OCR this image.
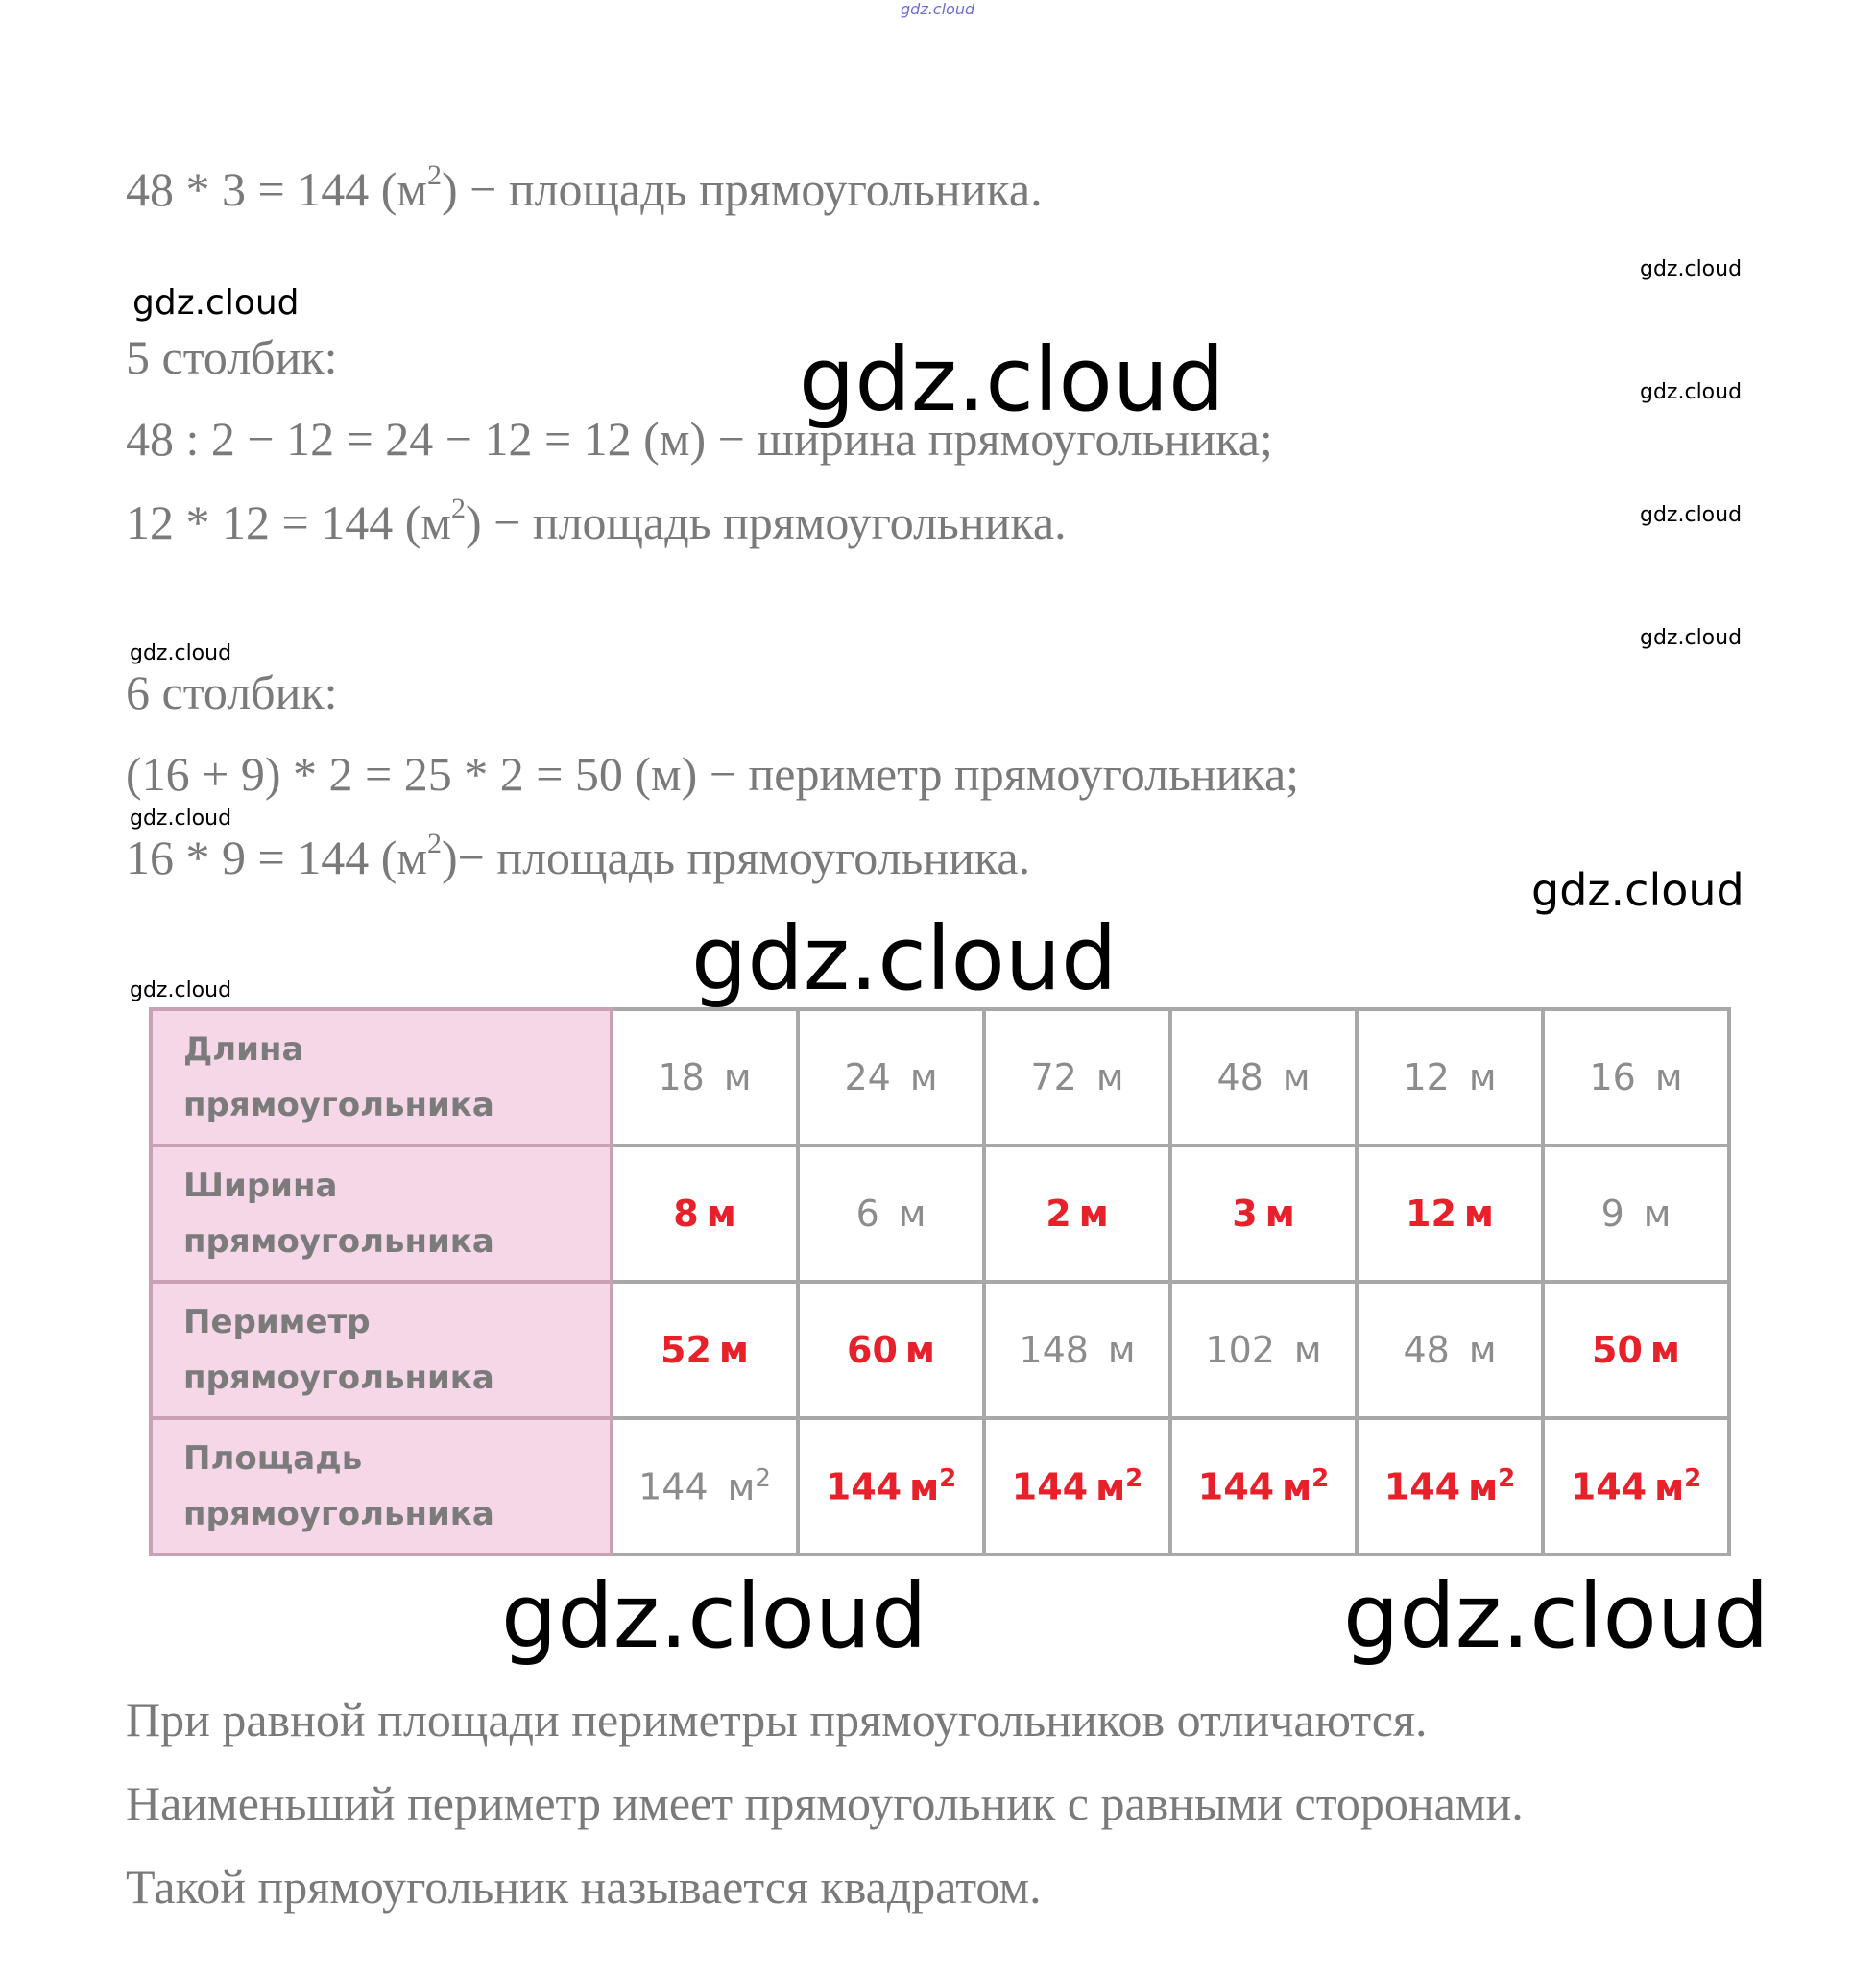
gdz.cloud
gdz.cloud
gdz.cloud
gdz.cloud
gdz.cloud
gdz.cloud
gdz.cloud
gdz.cloud
gdz.cloud
gdz.cloud
gdz.cloud
gdz.cloud
gdz.cloud	gdz.cloud
48 * 3 = 144 $(м^2)$ − площадь прямоугольника.
5 столбик:
48 : 2 − 12 = 24 − 12 = 12 (м) − ширина прямоугольника;
12 * 12 = 144 $(м^2)$ − площадь прямоугольника.
6 столбик:
(16 + 9) * 2 = 25 * 2 = 50 (м) − периметр прямоугольника;
16 * 9 = 144 $(м^2)-$ площадь прямоугольника.
Длина
прямоугольника	18 м	24 м	72 м	48 м	12 м	16 м

Ширина
прямоугольника	8 м	6 м	2 м	3 м	12 м	9 м

Периметр
прямоугольника	52 м	60 м	148 м	102 м	48 м	50 м

Площадь
прямоугольника	144 $м^2$	144 $м^2$	144 $м^2$	144 $м^2$	144 $м^2$	144 $м^2$
При равной площади периметры прямоугольников отличаются.
Наименьший периметр имеет прямоугольник с равными сторонами.
Такой прямоугольник называется квадратом.
